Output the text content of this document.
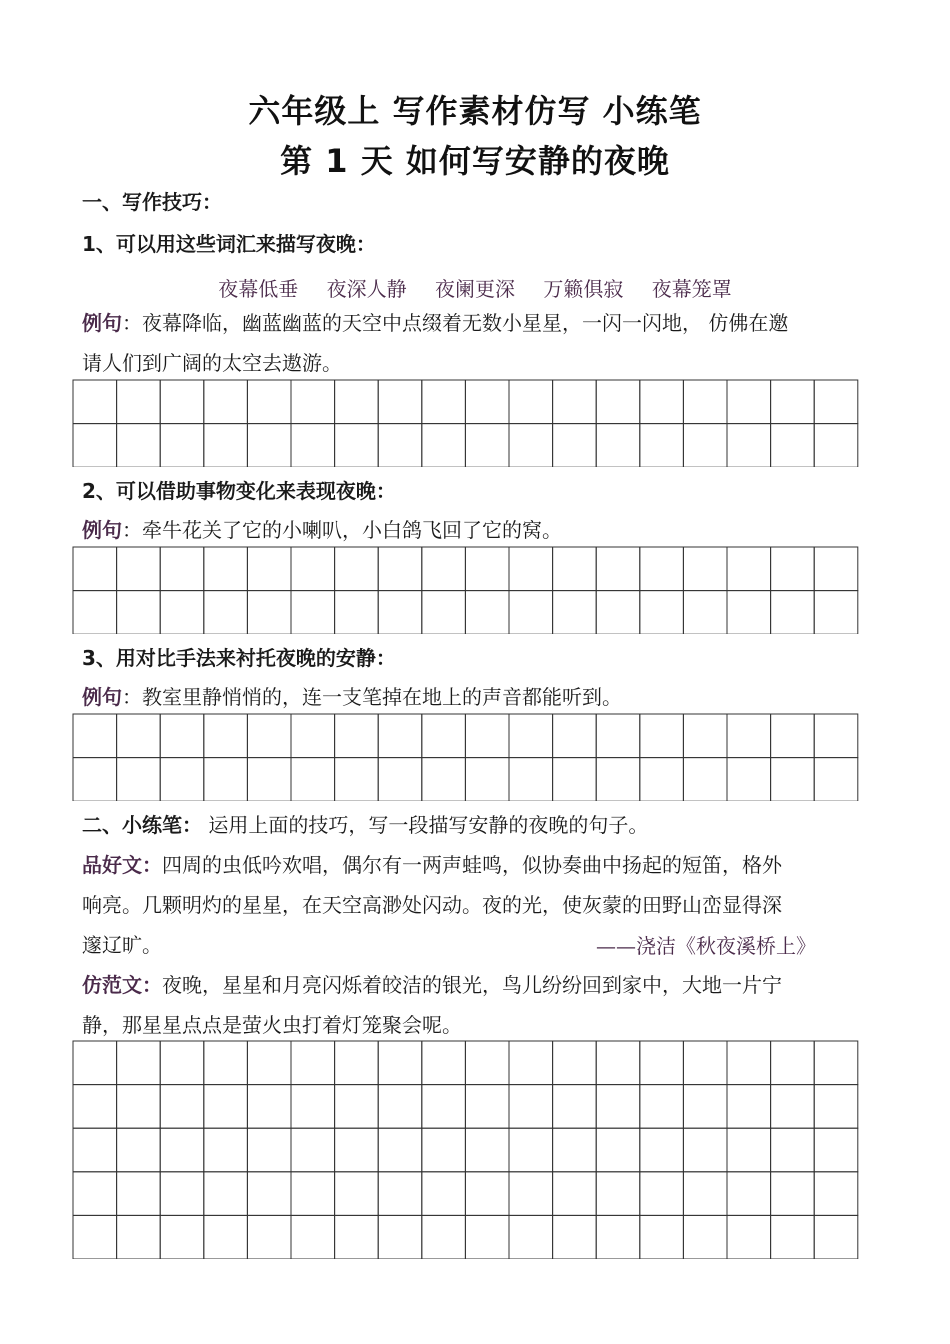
六年级上 写作素材仿写 小练笔
第 1 天 如何写安静的夜晚
一、写作技巧：
1、可以用这些词汇来描写夜晚：
夜幕低垂 夜深人静 夜阑更深 万籁俱寂 夜幕笼罩
例句：夜幕降临，幽蓝幽蓝的天空中点缀着无数小星星，一闪一闪地， 仿佛在邀
请人们到广阔的太空去遨游。
2、可以借助事物变化来表现夜晚：
例句：牵牛花关了它的小喇叭，小白鸽飞回了它的窝。
3、用对比手法来衬托夜晚的安静：
例句：教室里静悄悄的，连一支笔掉在地上的声音都能听到。
二、小练笔： 运用上面的技巧，写一段描写安静的夜晚的句子。
品好文：四周的虫低吟欢唱，偶尔有一两声蛙鸣，似协奏曲中扬起的短笛，格外
响亮。几颗明灼的星星，在天空高渺处闪动。夜的光，使灰蒙的田野山峦显得深
邃辽旷。	——浇洁《秋夜溪桥上》
仿范文：夜晚，星星和月亮闪烁着皎洁的银光，鸟儿纷纷回到家中，大地一片宁
静，那星星点点是萤火虫打着灯笼聚会呢。
